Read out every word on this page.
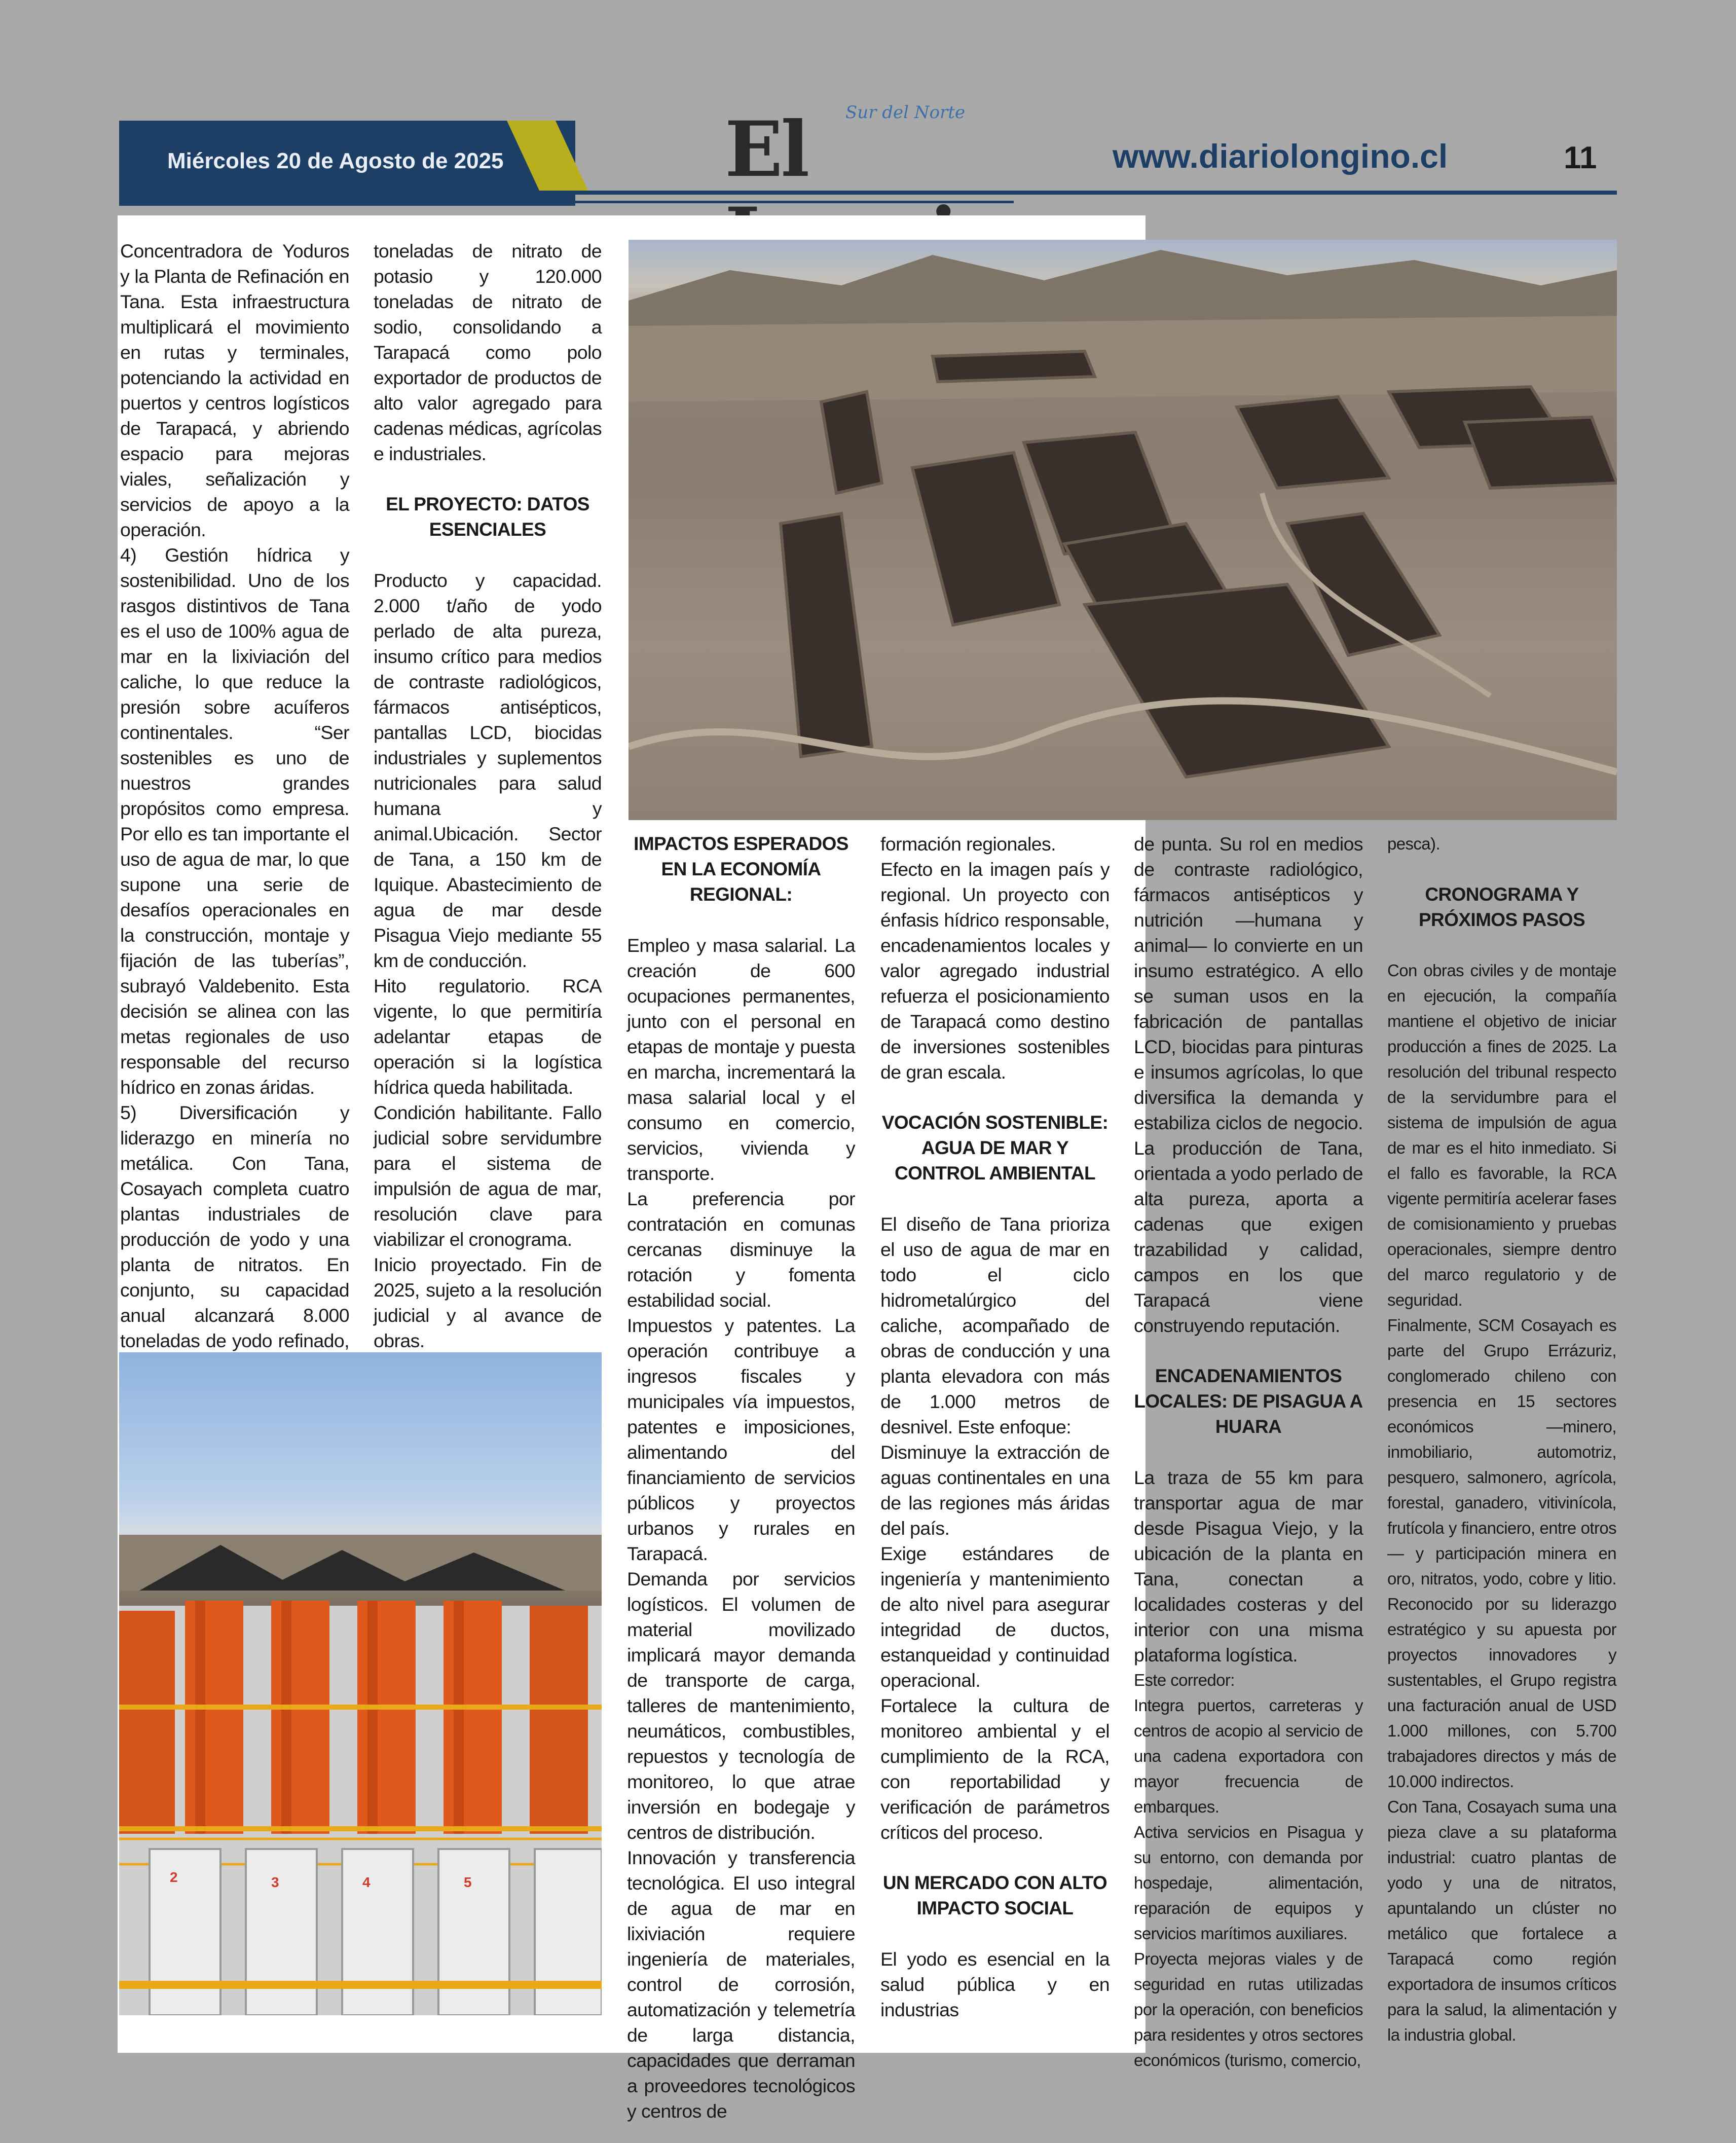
Miércoles 20 de Agosto de 2025
Sur del Norte
El	www.diariolongino.cl	11

Concentradora de Yoduros y la Planta de Refinación en Tana. Esta infraestructura multiplicará el movimiento en rutas y terminales, potenciando la actividad en puertos y centros logísticos de Tarapacá, y abriendo espacio para mejoras viales, señalización y servicios de apoyo a la operación.

4) Gestión hídrica y sostenibilidad. Uno de los rasgos distintivos de Tana es el uso de 100% agua de mar en la lixiviación del caliche, lo que reduce la presión sobre acuíferos continentales. “Ser sostenibles es uno de nuestros grandes propósitos como empresa. Por ello es tan importante el uso de agua de mar, lo que supone una serie de desafíos operacionales en la construcción, montaje y fijación de las tuberías”, subrayó Valdebenito. Esta decisión se alinea con las metas regionales de uso responsable del recurso hídrico en zonas áridas.

5) Diversificación y liderazgo en minería no metálica. Con Tana, Cosayach completa cuatro plantas industriales de producción de yodo y una planta de nitratos. En conjunto, su capacidad anual alcanzará 8.000 toneladas de yodo refinado,

toneladas de nitrato de potasio y 120.000 toneladas de nitrato de sodio, consolidando a Tarapacá como polo exportador de productos de alto valor agregado para cadenas médicas, agrícolas e industriales.

EL PROYECTO: DATOS ESENCIALES

Producto y capacidad. 2.000 t/año de yodo perlado de alta pureza, insumo crítico para medios de contraste radiológicos, fármacos antisépticos, pantallas LCD, biocidas industriales y suplementos nutricionales para salud humana y animal.Ubicación. Sector de Tana, a 150 km de Iquique. Abastecimiento de agua de mar desde Pisagua Viejo mediante 55 km de conducción.

Hito regulatorio. RCA vigente, lo que permitiría adelantar etapas de operación si la logística hídrica queda habilitada.

Condición habilitante. Fallo judicial sobre servidumbre para el sistema de impulsión de agua de mar, resolución clave para viabilizar el cronograma.

Inicio proyectado. Fin de 2025, sujeto a la resolución judicial y al avance de obras.

IMPACTOS ESPERADOS EN LA ECONOMÍA REGIONAL:

Empleo y masa salarial. La creación de 600 ocupaciones permanentes, junto con el personal en etapas de montaje y puesta en marcha, incrementará la masa salarial local y el consumo en comercio, servicios, vivienda y transporte.

La preferencia por contratación en comunas cercanas disminuye la rotación y fomenta estabilidad social.

Impuestos y patentes. La operación contribuye a ingresos fiscales y municipales vía impuestos, patentes e imposiciones, alimentando del financiamiento de servicios públicos y proyectos urbanos y rurales en Tarapacá.

Demanda por servicios logísticos. El volumen de material movilizado implicará mayor demanda de transporte de carga, talleres de mantenimiento, neumáticos, combustibles, repuestos y tecnología de monitoreo, lo que atrae inversión en bodegaje y centros de distribución.

Innovación y transferencia tecnológica. El uso integral de agua de mar en lixiviación requiere ingeniería de materiales, control de corrosión, automatización y telemetría de larga distancia, capacidades que derraman a proveedores tecnológicos y centros de

formación regionales.

Efecto en la imagen país y regional. Un proyecto con énfasis hídrico responsable, encadenamientos locales y valor agregado industrial refuerza el posicionamiento de Tarapacá como destino de inversiones sostenibles de gran escala.

VOCACIÓN SOSTENIBLE: AGUA DE MAR Y CONTROL AMBIENTAL

El diseño de Tana prioriza el uso de agua de mar en todo el ciclo hidrometalúrgico del caliche, acompañado de obras de conducción y una planta elevadora con más de 1.000 metros de desnivel. Este enfoque:

Disminuye la extracción de aguas continentales en una de las regiones más áridas del país.

Exige estándares de ingeniería y mantenimiento de alto nivel para asegurar integridad de ductos, estanqueidad y continuidad operacional.

Fortalece la cultura de monitoreo ambiental y el cumplimiento de la RCA, con reportabilidad y verificación de parámetros críticos del proceso.

UN MERCADO CON ALTO IMPACTO SOCIAL

El yodo es esencial en la salud pública y en industrias

de punta. Su rol en medios de contraste radiológico, fármacos antisépticos y nutrición —humana y animal— lo convierte en un insumo estratégico. A ello se suman usos en la fabricación de pantallas LCD, biocidas para pinturas e insumos agrícolas, lo que diversifica la demanda y estabiliza ciclos de negocio. La producción de Tana, orientada a yodo perlado de alta pureza, aporta a cadenas que exigen trazabilidad y calidad, campos en los que Tarapacá viene construyendo reputación.

ENCADENAMIENTOS LOCALES: DE PISAGUA A HUARA

La traza de 55 km para transportar agua de mar desde Pisagua Viejo, y la ubicación de la planta en Tana, conectan a localidades costeras y del interior con una misma plataforma logística.

Este corredor:

Integra puertos, carreteras y centros de acopio al servicio de una cadena exportadora con mayor frecuencia de embarques.

Activa servicios en Pisagua y su entorno, con demanda por hospedaje, alimentación, reparación de equipos y servicios marítimos auxiliares.

Proyecta mejoras viales y de seguridad en rutas utilizadas por la operación, con beneficios para residentes y otros sectores económicos (turismo, comercio,

pesca).

CRONOGRAMA Y PRÓXIMOS PASOS

Con obras civiles y de montaje en ejecución, la compañía mantiene el objetivo de iniciar producción a fines de 2025. La resolución del tribunal respecto de la servidumbre para el sistema de impulsión de agua de mar es el hito inmediato. Si el fallo es favorable, la RCA vigente permitiría acelerar fases de comisionamiento y pruebas operacionales, siempre dentro del marco regulatorio y de seguridad.

Finalmente, SCM Cosayach es parte del Grupo Errázuriz, conglomerado chileno con presencia en 15 sectores económicos —minero, inmobiliario, automotriz, pesquero, salmonero, agrícola, forestal, ganadero, vitivinícola, frutícola y financiero, entre otros— y participación minera en oro, nitratos, yodo, cobre y litio. Reconocido por su liderazgo estratégico y su apuesta por proyectos innovadores y sustentables, el Grupo registra una facturación anual de USD 1.000 millones, con 5.700 trabajadores directos y más de 10.000 indirectos.

Con Tana, Cosayach suma una pieza clave a su plataforma industrial: cuatro plantas de yodo y una de nitratos, apuntalando un clúster no metálico que fortalece a Tarapacá como región exportadora de insumos críticos para la salud, la alimentación y la industria global.

2	3	4	5
